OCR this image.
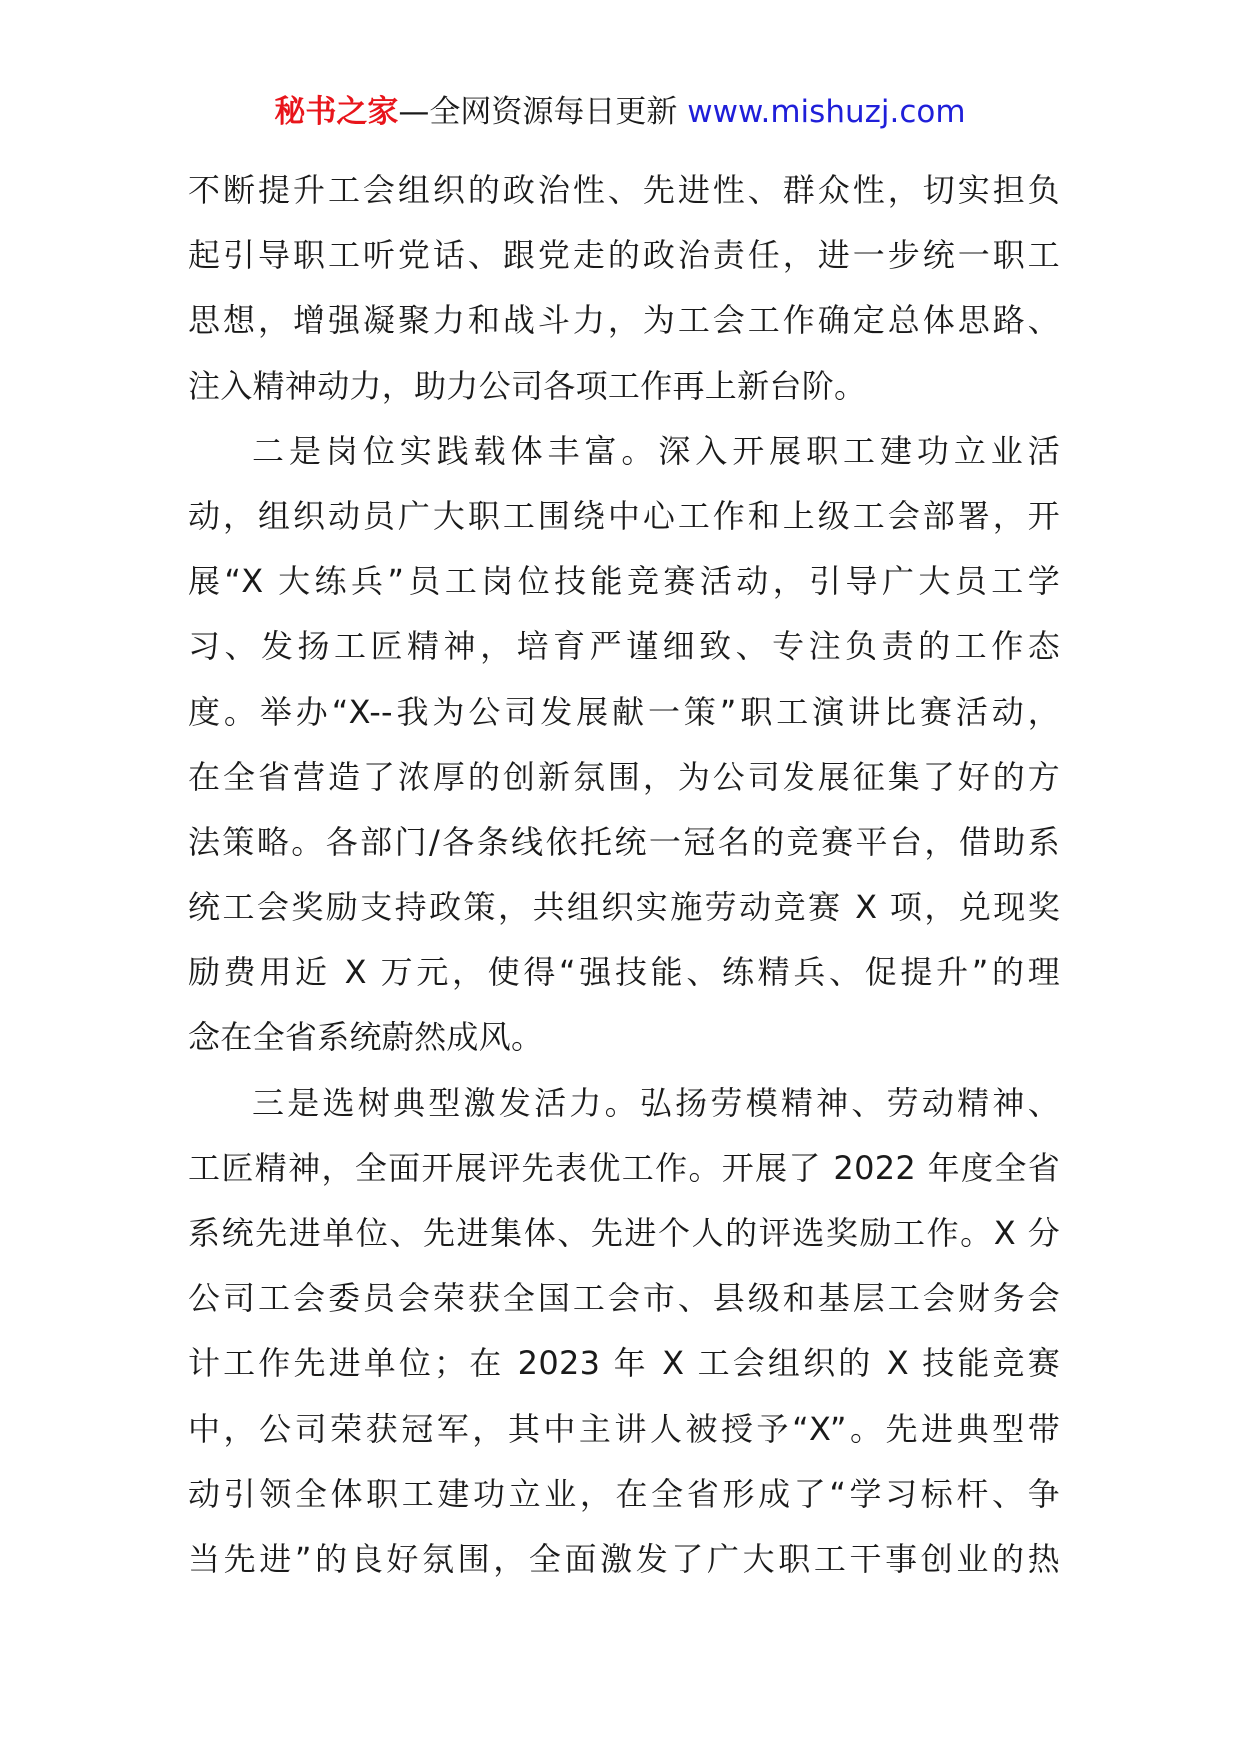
秘书之家—全网资源每日更新 www.mishuzj.com
不断提升工会组织的政治性、先进性、群众性，切实担负
起引导职工听党话、跟党走的政治责任，进一步统一职工
思想，增强凝聚力和战斗力，为工会工作确定总体思路、
注入精神动力，助力公司各项工作再上新台阶。
二是岗位实践载体丰富。深入开展职工建功立业活
动，组织动员广大职工围绕中心工作和上级工会部署，开
展“X 大练兵”员工岗位技能竞赛活动，引导广大员工学
习、发扬工匠精神，培育严谨细致、专注负责的工作态
度。举办“X--我为公司发展献一策”职工演讲比赛活动，
在全省营造了浓厚的创新氛围，为公司发展征集了好的方
法策略。各部门/各条线依托统一冠名的竞赛平台，借助系
统工会奖励支持政策，共组织实施劳动竞赛 X 项，兑现奖
励费用近 X 万元，使得“强技能、练精兵、促提升”的理
念在全省系统蔚然成风。
三是选树典型激发活力。弘扬劳模精神、劳动精神、
工匠精神，全面开展评先表优工作。开展了 2022 年度全省
系统先进单位、先进集体、先进个人的评选奖励工作。X 分
公司工会委员会荣获全国工会市、县级和基层工会财务会
计工作先进单位；在 2023 年 X 工会组织的 X 技能竞赛
中，公司荣获冠军，其中主讲人被授予“X”。先进典型带
动引领全体职工建功立业，在全省形成了“学习标杆、争
当先进”的良好氛围，全面激发了广大职工干事创业的热
